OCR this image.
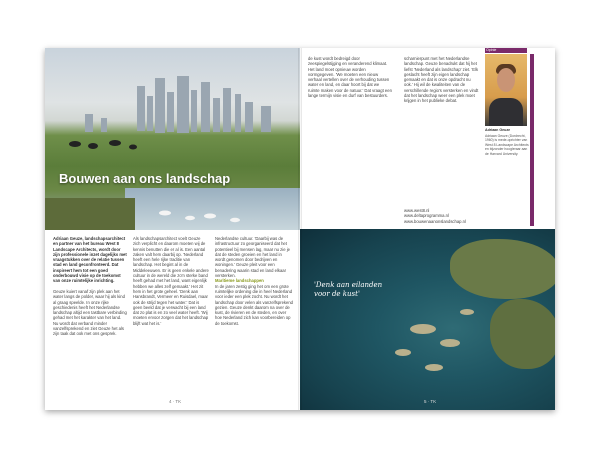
Bouwen aan ons landschap

Adriaan Geuze, landschapsarchitect en partner van het bureau West 8 Landscape Architects, wordt door zijn professionele inzet dagelijks met vraagstukken over de relatie tussen stad en land geconfronteerd. Dat inspireert hem tot een goed onderbouwd visie op de toekomst van onze ruimtelijke inrichting.

Geuze kuiert vanaf zijn plek aan het water langs de polder, waar hij als kind al graag speelde. In onze rijke geschiedenis heeft het Nederlandse landschap altijd een tastbare verbinding gehad met het karakter van het land. Nu wordt dat verband minder vanzelfsprekend en ziet Geuze het als zijn taak dat ook met ons gesprek.

Als landschapsarchitect voelt Geuze zich verplicht en daarom moeten wij de kennis benutten die er al is. Een aantal zaken valt hem daarbij op. 'Nederland heeft een hele rijke traditie van landschap. Het begint al in de Middeleeuwen. Er is geen enkele andere cultuur in de wereld die zo'n sterke band heeft gehad met het land, want eigenlijk hebben we alles zelf gemaakt.' Het zit hem in het grote geheel. 'Denk aan Hansbrandt, Vermeer en Ruisdael, maar ook de strijd tegen het water.' Dat is geen beeld dat je verwacht bij een land dat zo plat is en zo veel water heeft. 'Wij moeten ervoor zorgen dat het landschap blijft wat het is.'

Nederlandse cultuur. 'Daarbij was de infrastructuur zo georganiseerd dat het potentieel bij mensen lag, maar nu zie je dat de steden groeien en het land in wordt genomen door bedrijven en woningen.' Geuze pleit voor een benadering waarin stad en land elkaar versterken.
Maritieme landschappen
In de jaren zestig ging het om een grote ruimtelijke ordening die in heel Nederland voor ieder een plek zocht. Nu wordt het landschap door velen als vanzelfsprekend gezien. Geuze denkt daarom na over de kust, de rivieren en de steden, en over hoe Nederland zich kan voorbereiden op de toekomst.

4 · TK

de kust wordt bedreigd door zeespiegelstijging en veranderend klimaat. Het land moet opnieuw worden vormgegeven. 'We moeten een nieuw verhaal vertellen over de verhouding tussen water en land, en daar hoort bij dat we ruimte maken voor de natuur.' Dat vraagt een lange termijn visie en durf van bestuurders.

scharnierpunt met het Nederlandse landschap. Geuze benadrukt dat hij het liefst 'Nederland als landschap' ziet. 'Elk geslacht heeft zijn eigen landschap gemaakt en dat is onze opdracht nu ook.' Hij wil de kwaliteiten van de verschillende regio's versterken en vindt dat het landschap weer een plek moet krijgen in het publieke debat.

www.west8.nl
www.deltaprogramma.nl
www.bouwenaanonslandschap.nl
Opinie
Adriaan Geuze
Adriaan Geuze (Dordrecht, 1960) is mede-oprichter van West 8 Landscape Architects en bijzonder hoogleraar aan de Harvard University.

'Denk aan eilanden voor de kust'

5 · TK
